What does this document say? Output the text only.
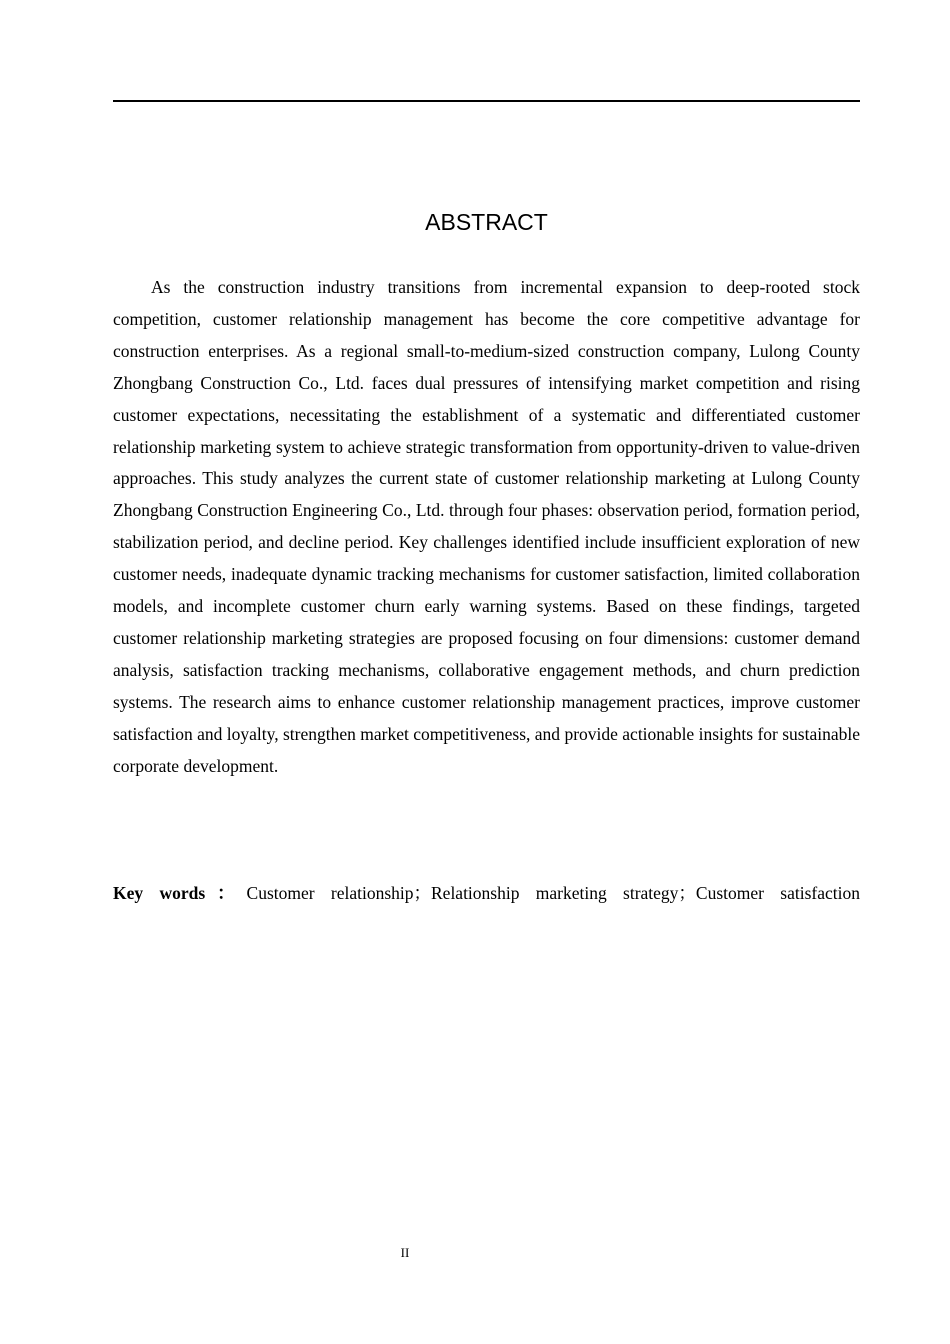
ABSTRACT

As the construction industry transitions from incremental expansion to deep-rooted stock competition, customer relationship management has become the core competitive advantage for construction enterprises. As a regional small-to-medium-sized construction company, Lulong County Zhongbang Construction Co., Ltd. faces dual pressures of intensifying market competition and rising customer expectations, necessitating the establishment of a systematic and differentiated customer relationship marketing system to achieve strategic transformation from opportunity-driven to value-driven approaches. This study analyzes the current state of customer relationship marketing at Lulong County Zhongbang Construction Engineering Co., Ltd. through four phases: observation period, formation period, stabilization period, and decline period. Key challenges identified include insufficient exploration of new customer needs, inadequate dynamic tracking mechanisms for customer satisfaction, limited collaboration models, and incomplete customer churn early warning systems. Based on these findings, targeted customer relationship marketing strategies are proposed focusing on four dimensions: customer demand analysis, satisfaction tracking mechanisms, collaborative engagement methods, and churn prediction systems. The research aims to enhance customer relationship management practices, improve customer satisfaction and loyalty, strengthen market competitiveness, and provide actionable insights for sustainable corporate development.

Key words：Customer relationship；Relationship marketing strategy；Customer satisfaction

II
